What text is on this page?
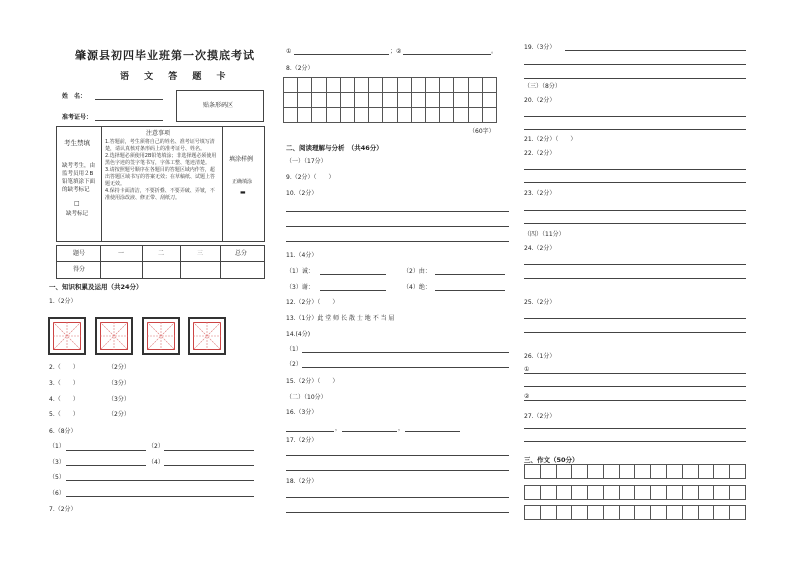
肇源县初四毕业班第一次摸底考试
语 文 答 题 卡
姓　名：
准考证号：
贴条形码区
考生禁填
缺考考生，由
监考员用２B
铅笔填涂下面
的缺考标记
□
缺考标记
注意事项
1.答题前，考生须将自己的姓名、准考证号填写清楚，请认真核对条形码上的准考证号、姓名。
2.选择题必须使用2B铅笔填涂；非选择题必须使用黑色字迹的签字笔书写，字体工整、笔迹清楚。
3.请按照题号顺序在各题目的答题区域内作答，超出答题区域书写的答案无效；在草稿纸、试题上答题无效。
4.保持卡面清洁，不要折叠、不要弄破、弄皱，不准使用涂改液、修正带、刮纸刀。
填涂样例
正确填涂
▬
题号	一	二	三	总分
得分
一、知识积累及运用（共24分）
1.（2分）
2.（　　）	（2分）
3.（　　）	（3分）
4.（　　）	（3分）
5.（　　）	（2分）
6.（8分）
（1）	（2）
（3）	（4）
（5）
（6）
7.（2分）
①	；②	。
8.（2分）
（60字）
二、阅读理解与分析　（共46分）
（一）（17分）
9.（2分）（　　）
10.（2分）
11.（4分）
（1）诚：	（2）由：
（3）谢：	（4）绝：
12.（2分）（　　）
13.（1分）此 堂 师 长 散 士 地 不 当 屈
14.(4分)
（1）
（2）
15.（2分）（　　）
（二）（10分）
16.（3分）
，	，
17.（2分）
18.（2分）
19.（3分）
（三）（8分）
20.（2分）
21.（2分）（　　）
22.（2分）
23.（2分）
（四）（11分）
24.（2分）
25.（2分）
26.（1分）
①
②
27.（2分）
三、作文（50分）
